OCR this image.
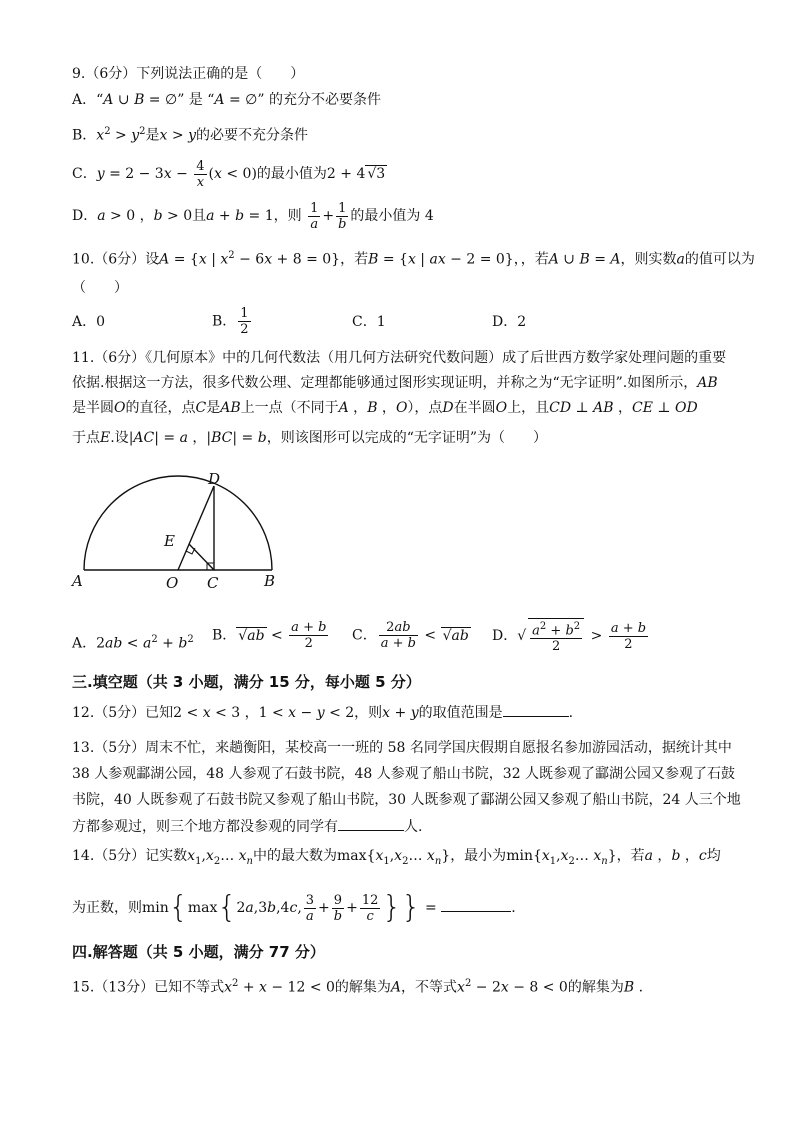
9.（6分）下列说法正确的是（　　）
A．“A ∪ B = ∅” 是 “A = ∅” 的充分不必要条件
B．$x^2 > y^2$是x > y的必要不充分条件
C．$y = 2 - 3x - \frac{4}{x} (x < 0)$的最小值为2 + 4 √3
D．a > 0 ，b > 0且a + b = 1，则 $\frac{1}{a} + \frac{1}{b}$ 的最小值为 4
10.（6分）设A = {x | $x^2 - 6x + 8 = 0$}，若B = {x | ax − 2 = 0}，，若A ∪ B = A，则实数a的值可以为
（　　）
A．0	B． $\frac{1}{2}$	C．1	D．2
11.（6分）《几何原本》中的几何代数法（用几何方法研究代数问题）成了后世西方数学家处理问题的重要
依据.根据这一方法，很多代数公理、定理都能够通过图形实现证明，并称之为“无字证明”.如图所示，AB
是半圆O的直径，点C是AB上一点（不同于A ，B ，O），点D在半圆O上，且CD ⊥ AB ，CE ⊥ OD
于点E.设|AC| = a ，|BC| = b，则该图形可以完成的“无字证明”为（　　）
A	B
C
D
E
O
A．$2ab < a^2 + b^2$ B． $√ab < \frac{a + b}{2}$ C． $\frac{2ab}{a + b} < √ab$ D．√ $\frac{a^2 + b^2}{2} > \frac{a + b}{2}$
三.填空题（共 3 小题，满分 15 分，每小题 5 分）
12.（5分）已知2 < x < 3 ，1 < x − y < 2，则x + y的取值范围是	.
13.（5分）周末不忙，来趟衡阳，某校高一一班的 58 名同学国庆假期自愿报名参加游园活动，据统计其中
38 人参观酃湖公园，48 人参观了石鼓书院，48 人参观了船山书院，32 人既参观了酃湖公园又参观了石鼓
书院，40 人既参观了石鼓书院又参观了船山书院，30 人既参观了酃湖公园又参观了船山书院，24 人三个地
方都参观过，则三个地方都没参观的同学有	人.
14.（5分）记实数$x_1,x_2\dots$ $x_n$中的最大数为$\max\{x_1,x_2\dots$ $x_n$}，最小为$\min\{x_1,x_2\dots$ $x_n$}，若a ，b ，c均
为正数，则min{max{2a,3b,4c, $\frac{3}{a} + \frac{9}{b} + \frac{12}{c}$ }} =	.
四.解答题（共 5 小题，满分 77 分）
15.（13分）已知不等式$x^2 + x - 12 < 0$的解集为A，不等式$x^2 - 2x - 8 < 0$的解集为B .
